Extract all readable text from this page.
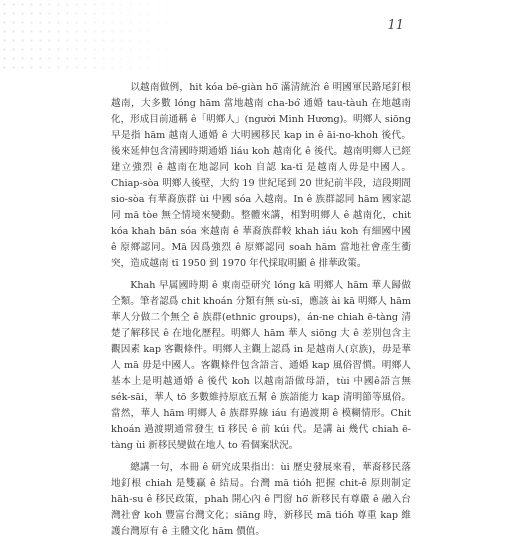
11

以越南做例，hit kóa bē-giàn hō͘ 滿清統治 ê 明國軍民路尾釘根越南，大多數 lóng hām 當地越南 cha-bó͘ 通婚 tau-tàuh 在地越南化，形成目前通稱 ê「明鄉人」(người Minh Hương)。明鄉人 siōng 早是指 hām 越南人通婚 ê 大明國移民 kap in ê āi-no-khoh 後代。後來延伸包含清國時期通婚 liáu koh 越南化 ê 後代。越南明鄉人已經建立強烈 ê 越南在地認同 koh 自認 ka-tī 是越南人毋是中國人。Chiap-sòa 明鄉人後壁，大約 19 世紀尾到 20 世紀前半段，這段期間 sio-sòa 有華裔族群 ùi 中國 sóa 入越南。In ê 族群認同 hām 國家認同 mā tòe 無仝情境來變動。整體來講，相對明鄉人 ê 越南化，chit kóa khah bān sóa 來越南 ê 華裔族群較 khah iáu koh 有細國中國 ê 原鄉認同。Mā 因爲強烈 ê 原鄉認同 soah hām 當地社會產生衝突，造成越南 tī 1950 到 1970 年代採取明顯 ê 排華政策。

Khah 早属國時期 ê 東南亞研究 lóng kā 明鄉人 hām 華人歸做仝類。筆者認爲 chit khoán 分類有無 sù-sī，應該 ài kā 明鄉人 hām 華人分做二个無仝 ê 族群(ethnic groups)，án-ne chiah ē-tàng 清楚了解移民 ê 在地化歷程。明鄉人 hām 華人 siōng 大 ê 差別包含主觀因素 kap 客觀條件。明鄉人主觀上認爲 in 是越南人(京族)，毋是華人 mā 毋是中國人。客觀條件包含語言、通婚 kap 風俗習慣。明鄉人基本上是明越通婚 ê 後代 koh 以越南語做母語，tùi 中國ê語言無 sék-sāi，華人 tō 多數維持原底五幫 ê 族語能力 kap 清明節等風俗。當然，華人 hām 明鄉人 ê 族群界線 iáu 有過渡期 ê 模糊情形。Chit khoán 過渡期通常發生 tī 移民 ê 前 kúi 代。是講 ài 幾代 chiah ē-tàng ùi 新移民變做在地人 to 看個案狀況。

總講一句，本冊 ê 研究成果指出：ùi 歷史發展來看，華裔移民落地釘根 chiah 是雙贏 ê 結局。台灣 mā tióh 把握 chit-ê 原則制定 hāh-su ê 移民政策，phah 開心內 ê 門窗 hō͘ 新移民有尊嚴 ê 融入台灣社會 koh 豐富台灣文化；siāng 時，新移民 mā tióh 尊重 kap 維護台灣原有 ê 主體文化 hām 價值。
